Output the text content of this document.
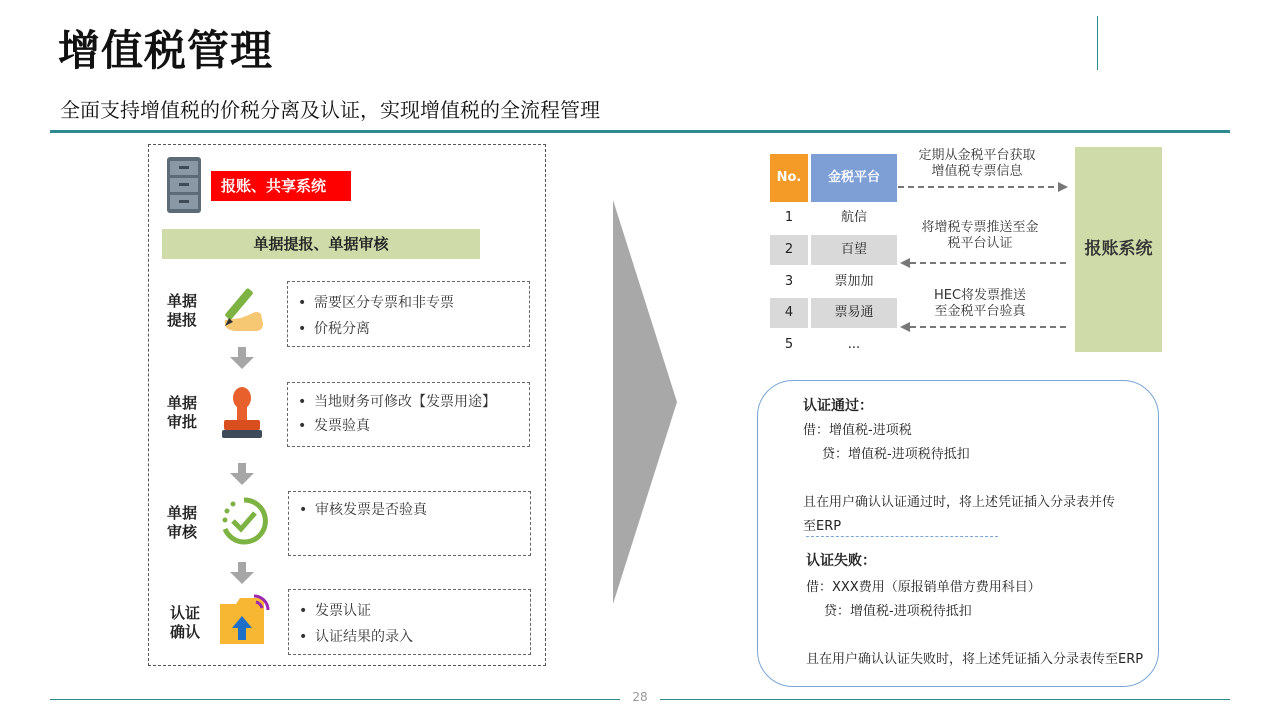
增值税管理
全面支持增值税的价税分离及认证，实现增值税的全流程管理
报账、共享系统
单据提报、单据审核
单据
提报
• 需要区分专票和非专票
• 价税分离
单据
审批
• 当地财务可修改【发票用途】
• 发票验真
单据
审核
• 审核发票是否验真
认证
确认
• 发票认证
• 认证结果的录入
No.	金税平台
1	航信
2	百望
3	票加加
4	票易通
5	...
定期从金税平台获取
增值税专票信息
将增税专票推送至金
税平台认证
HEC将发票推送
至金税平台验真
报账系统
认证通过：
借：增值税-进项税
贷：增值税-进项税待抵扣
且在用户确认认证通过时，将上述凭证插入分录表并传
至ERP
认证失败：
借：XXX费用（原报销单借方费用科目）
贷：增值税-进项税待抵扣
且在用户确认认证失败时，将上述凭证插入分录表传至ERP
28
